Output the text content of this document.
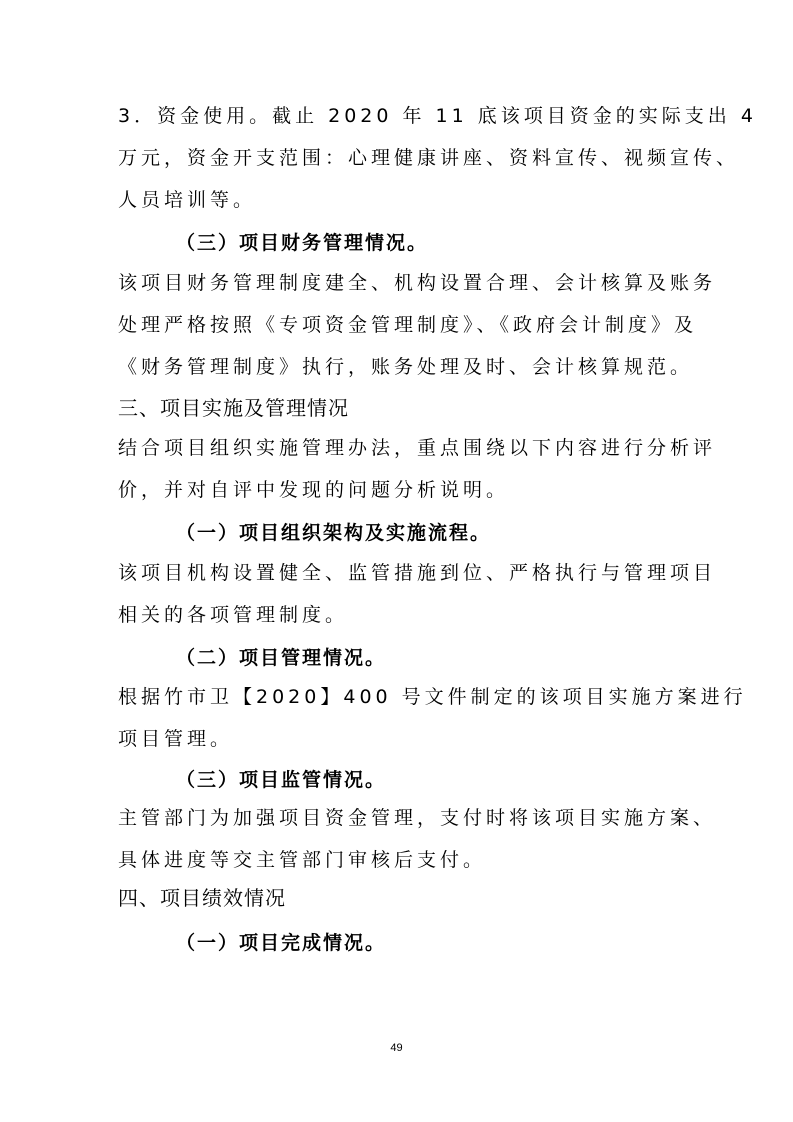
3．资金使用。截止 2020 年 11 底该项目资金的实际支出 4

万元，资金开支范围：心理健康讲座、资料宣传、视频宣传、

人员培训等。

（三）项目财务管理情况。

该项目财务管理制度建全、机构设置合理、会计核算及账务

处理严格按照《专项资金管理制度》、《政府会计制度》及

《财务管理制度》执行，账务处理及时、会计核算规范。

三、项目实施及管理情况

结合项目组织实施管理办法，重点围绕以下内容进行分析评

价，并对自评中发现的问题分析说明。

（一）项目组织架构及实施流程。

该项目机构设置健全、监管措施到位、严格执行与管理项目

相关的各项管理制度。

（二）项目管理情况。

根据竹市卫【2020】400 号文件制定的该项目实施方案进行

项目管理。

（三）项目监管情况。

主管部门为加强项目资金管理，支付时将该项目实施方案、

具体进度等交主管部门审核后支付。

四、项目绩效情况

（一）项目完成情况。

49
